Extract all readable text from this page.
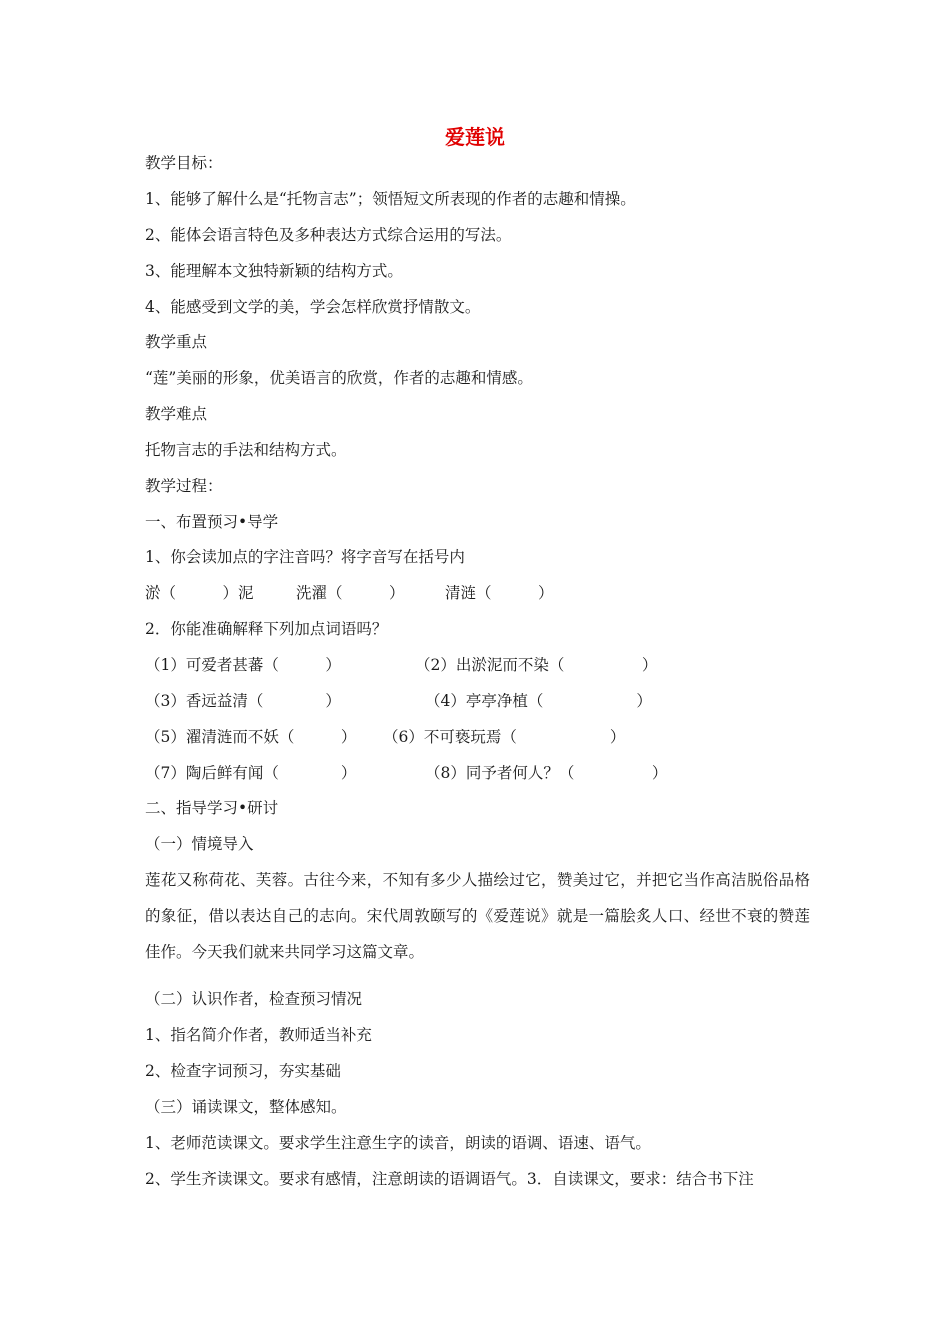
爱莲说
教学目标：
1、能够了解什么是“托物言志”；领悟短文所表现的作者的志趣和情操。
2、能体会语言特色及多种表达方式综合运用的写法。
3、能理解本文独特新颖的结构方式。
4、能感受到文学的美，学会怎样欣赏抒情散文。
教学重点
“莲”美丽的形象，优美语言的欣赏，作者的志趣和情感。
教学难点
托物言志的手法和结构方式。
教学过程：
一、布置预习•导学
1、你会读加点的字注音吗？将字音写在括号内
淤（　　　）泥	洗濯（　　　）	清涟（　　　）
2．你能准确解释下列加点词语吗？
（1）可爱者甚蕃（　　　）	（2）出淤泥而不染（　　　　　）
（3）香远益清（　　　　）	（4）亭亭净植（　　　　　　）
（5）濯清涟而不妖（　　　） （6）不可亵玩焉（　　　　　　）
（7）陶后鲜有闻（　　　　）	（8）同予者何人？（　　　　　）
二、指导学习•研讨
（一）情境导入
莲花又称荷花、芙蓉。古往今来，不知有多少人描绘过它，赞美过它，并把它当作高洁脱俗品格的象征，借以表达自己的志向。宋代周敦颐写的《爱莲说》就是一篇脍炙人口、经世不衰的赞莲佳作。今天我们就来共同学习这篇文章。
（二）认识作者，检查预习情况
1、指名简介作者，教师适当补充
2、检查字词预习，夯实基础
（三）诵读课文，整体感知。
1、老师范读课文。要求学生注意生字的读音，朗读的语调、语速、语气。
2、学生齐读课文。要求有感情，注意朗读的语调语气。3．自读课文，要求：结合书下注
